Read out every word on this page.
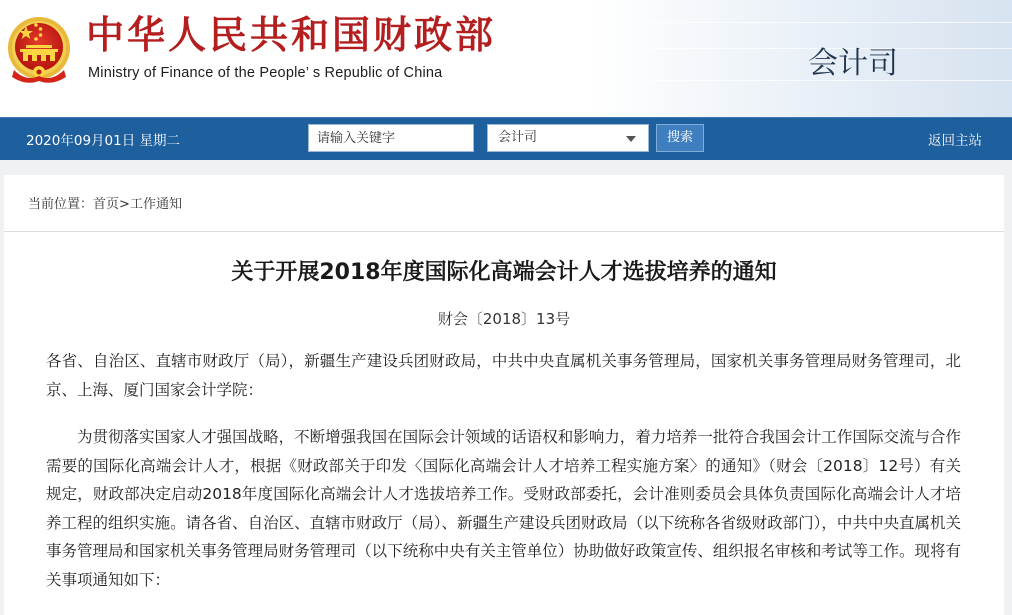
中华人民共和国财政部
Ministry of Finance of the People’ s Republic of China	会计司
2020年09月01日 星期二
请输入关键字	会计司	搜索	返回主站
当前位置：首页>工作通知
关于开展2018年度国际化高端会计人才选拔培养的通知
财会〔2018〕13号
各省、自治区、直辖市财政厅（局），新疆生产建设兵团财政局，中共中央直属机关事务管理局，国家机关事务管理局财务管理司，北京、上海、厦门国家会计学院：
为贯彻落实国家人才强国战略，不断增强我国在国际会计领域的话语权和影响力，着力培养一批符合我国会计工作国际交流与合作需要的国际化高端会计人才，根据《财政部关于印发〈国际化高端会计人才培养工程实施方案〉的通知》（财会〔2018〕12号）有关规定，财政部决定启动2018年度国际化高端会计人才选拔培养工作。受财政部委托，会计准则委员会具体负责国际化高端会计人才培养工程的组织实施。请各省、自治区、直辖市财政厅（局）、新疆生产建设兵团财政局（以下统称各省级财政部门），中共中央直属机关事务管理局和国家机关事务管理局财务管理司（以下统称中央有关主管单位）协助做好政策宣传、组织报名审核和考试等工作。现将有关事项通知如下：
